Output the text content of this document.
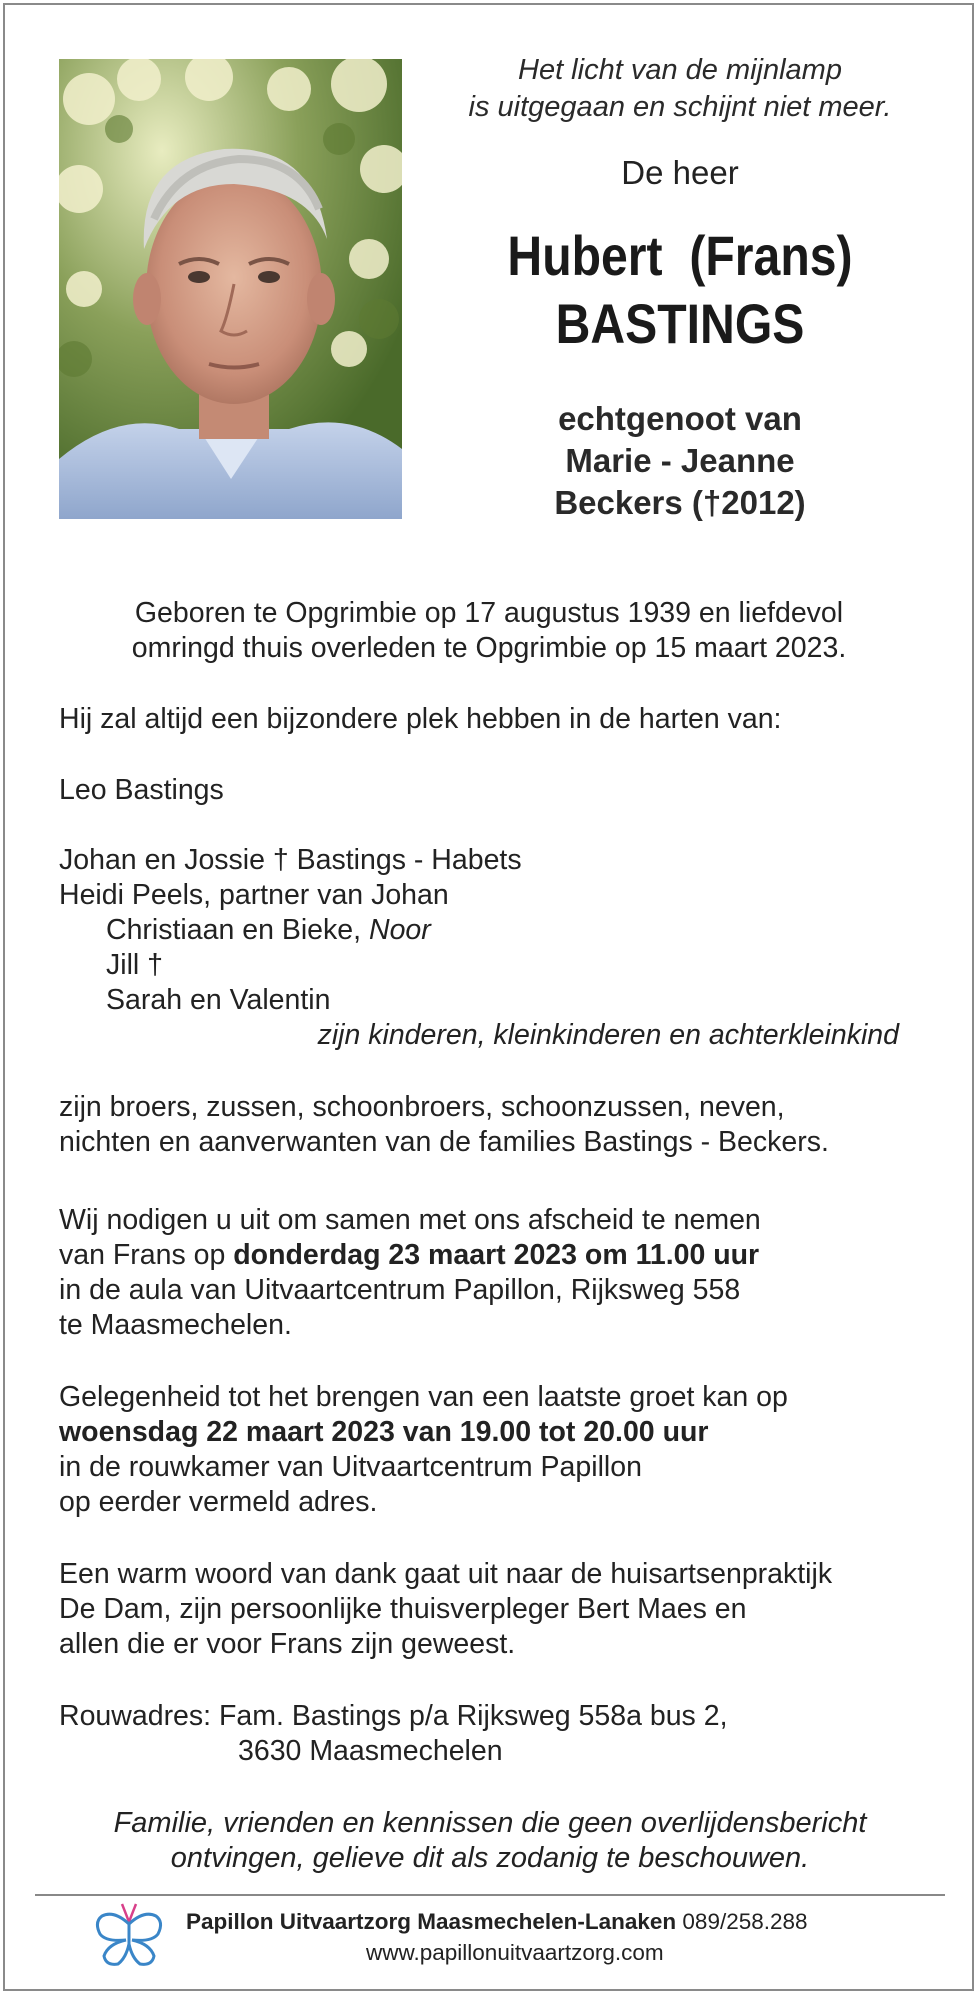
Het licht van de mijnlamp
is uitgegaan en schijnt niet meer.
De heer
Hubert  (Frans)
BASTINGS
echtgenoot van
Marie - Jeanne
Beckers (†2012)

Geboren te Opgrimbie op 17 augustus 1939 en liefdevol

omringd thuis overleden te Opgrimbie op 15 maart 2023.

Hij zal altijd een bijzondere plek hebben in de harten van:
Leo Bastings

Johan en Jossie † Bastings - Habets

Heidi Peels, partner van Johan

Christiaan en Bieke, Noor

Jill †

Sarah en Valentin

zijn kinderen, kleinkinderen en achterkleinkind

zijn broers, zussen, schoonbroers, schoonzussen, neven,

nichten en aanverwanten van de families Bastings - Beckers.

Wij nodigen u uit om samen met ons afscheid te nemen

van Frans op donderdag 23 maart 2023 om 11.00 uur

in de aula van Uitvaartcentrum Papillon, Rijksweg 558

te Maasmechelen.

Gelegenheid tot het brengen van een laatste groet kan op

woensdag 22 maart 2023 van 19.00 tot 20.00 uur

in de rouwkamer van Uitvaartcentrum Papillon

op eerder vermeld adres.

Een warm woord van dank gaat uit naar de huisartsenpraktijk

De Dam, zijn persoonlijke thuisverpleger Bert Maes en

allen die er voor Frans zijn geweest.

Rouwadres: Fam. Bastings p/a Rijksweg 558a bus 2,

3630 Maasmechelen

Familie, vrienden en kennissen die geen overlijdensbericht
ontvingen, gelieve dit als zodanig te beschouwen.
Papillon Uitvaartzorg Maasmechelen-Lanaken 089/258.288
www.papillonuitvaartzorg.com
